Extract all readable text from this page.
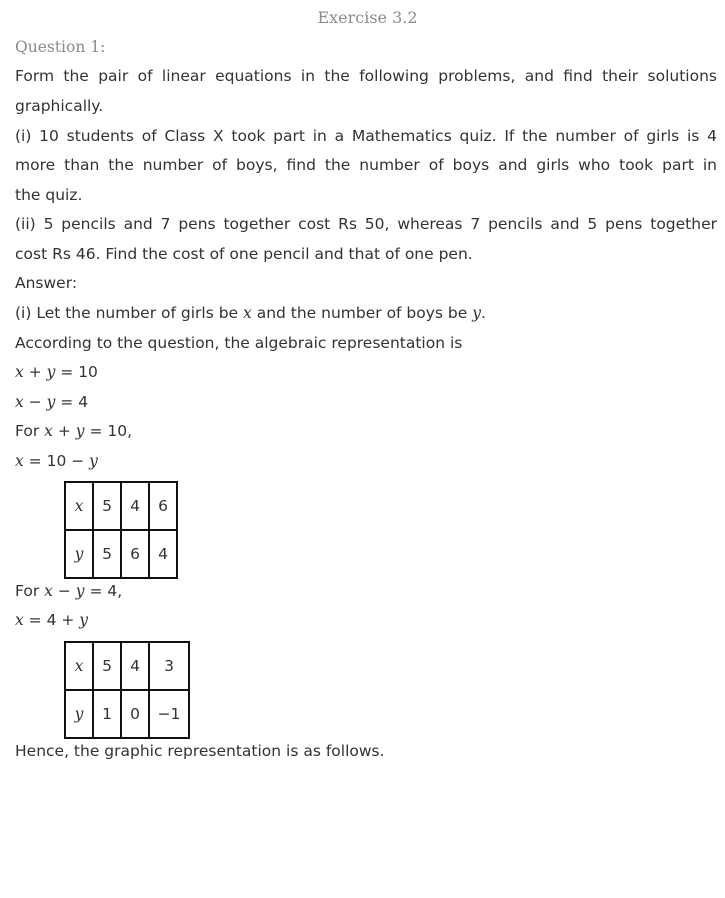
Exercise 3.2
Question 1:
Form the pair of linear equations in the following problems, and find their solutions
graphically.
(i) 10 students of Class X took part in a Mathematics quiz. If the number of girls is 4
more than the number of boys, find the number of boys and girls who took part in
the quiz.
(ii) 5 pencils and 7 pens together cost Rs 50, whereas 7 pencils and 5 pens together
cost Rs 46. Find the cost of one pencil and that of one pen.
Answer:
(i) Let the number of girls be x and the number of boys be y.
According to the question, the algebraic representation is
x + y = 10
x − y = 4
For x + y = 10,
x = 10 − y
x	5	4	6
y	5	6	4
For x − y = 4,
x = 4 + y
x	5	4	3
y	1	0	−1
Hence, the graphic representation is as follows.
